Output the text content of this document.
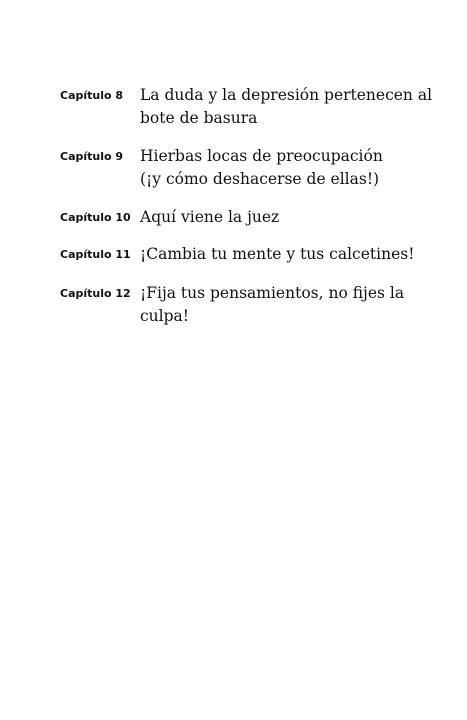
Capítulo 8	La duda y la depresión pertenecen al
bote de basura
Capítulo 9	Hierbas locas de preocupación
(¡y cómo deshacerse de ellas!)
Capítulo 10 Aquí viene la juez
Capítulo 11 ¡Cambia tu mente y tus calcetines!
Capítulo 12 ¡Fija tus pensamientos, no fijes la
culpa!
